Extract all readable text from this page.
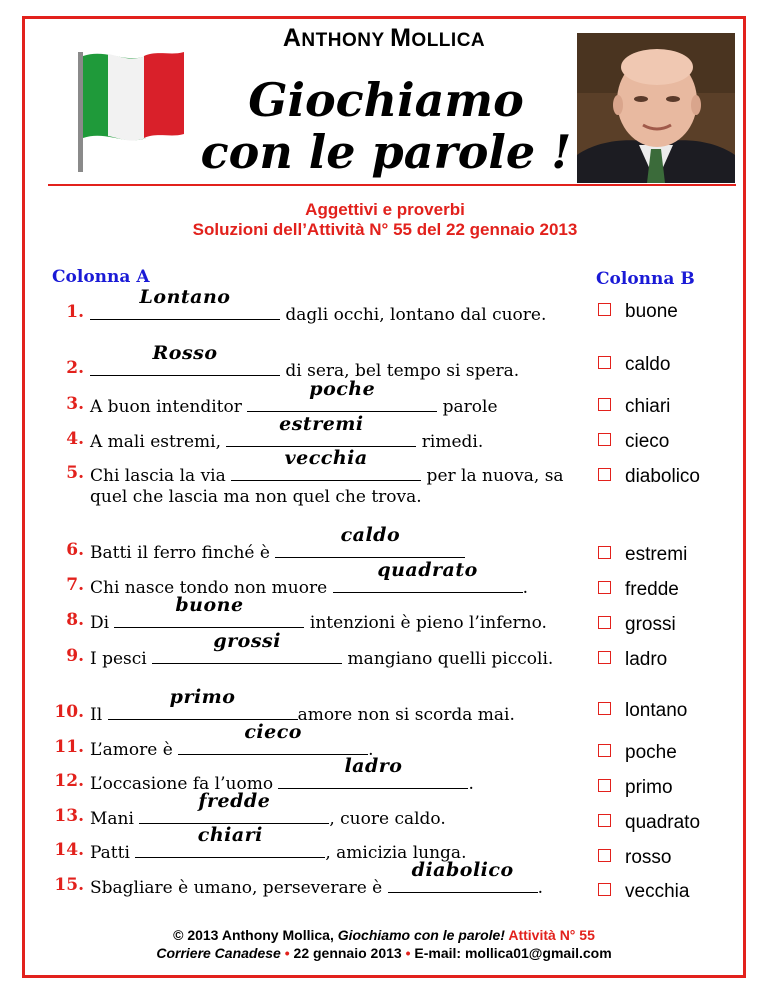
ANTHONY MOLLICA
Giochiamo
con le parole !
Aggettivi e proverbi
Soluzioni dell’Attività N° 55 del 22 gennaio 2013
Colonna A	Colonna B
1.
Lontano
dagli occhi, lontano dal cuore.
2.
Rosso
di sera, bel tempo si spera.
3. A buon intenditor
poche
parole
4. A mali estremi,
estremi
rimedi.
5. Chi lascia la via
vecchia
per la nuova, sa quel che lascia ma non quel che trova.
6. Batti il ferro finché è
caldo
7. Chi nasce tondo non muore
quadrato
.
8. Di
buone
intenzioni è pieno l’inferno.
9. I pesci
grossi
mangiano quelli piccoli.
10. Il
primo
amore non si scorda mai.
11. L’amore è
cieco
.
12. L’occasione fa l’uomo
ladro
.
13. Mani
fredde
, cuore caldo.
14. Patti
chiari
, amicizia lunga.
15. Sbagliare è umano, perseverare è
diabolico
.
buone
caldo
chiari
cieco
diabolico
estremi
fredde
grossi
ladro
lontano
poche
primo
quadrato
rosso
vecchia
© 2013 Anthony Mollica, Giochiamo con le parole! Attività N° 55
Corriere Canadese • 22 gennaio 2013 • E-mail: mollica01@gmail.com
